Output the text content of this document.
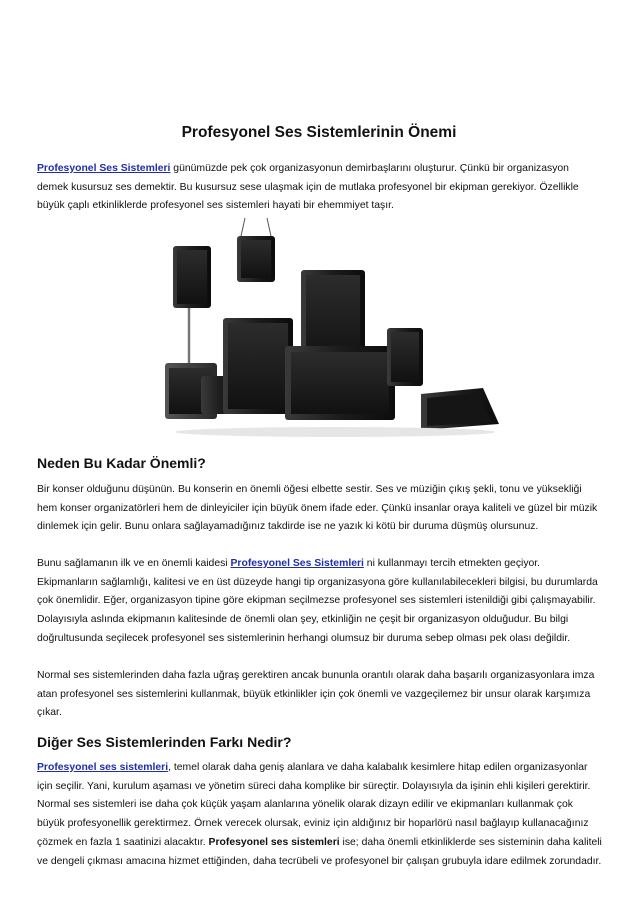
Profesyonel Ses Sistemlerinin Önemi

Profesyonel Ses Sistemleri günümüzde pek çok organizasyonun demirbaşlarını oluşturur. Çünkü bir organizasyon demek kusursuz ses demektir. Bu kusursuz sese ulaşmak için de mutlaka profesyonel bir ekipman gerekiyor. Özellikle büyük çaplı etkinliklerde profesyonel ses sistemleri hayati bir ehemmiyet taşır.

Neden Bu Kadar Önemli?

Bir konser olduğunu düşünün. Bu konserin en önemli öğesi elbette sestir. Ses ve müziğin çıkış şekli, tonu ve yüksekliği hem konser organizatörleri hem de dinleyiciler için büyük önem ifade eder. Çünkü insanlar oraya kaliteli ve güzel bir müzik dinlemek için gelir. Bunu onlara sağlayamadığınız takdirde ise ne yazık ki kötü bir duruma düşmüş olursunuz.

Bunu sağlamanın ilk ve en önemli kaidesi Profesyonel Ses Sistemleri ni kullanmayı tercih etmekten geçiyor. Ekipmanların sağlamlığı, kalitesi ve en üst düzeyde hangi tip organizasyona göre kullanılabilecekleri bilgisi, bu durumlarda çok önemlidir. Eğer, organizasyon tipine göre ekipman seçilmezse profesyonel ses sistemleri istenildiği gibi çalışmayabilir. Dolayısıyla aslında ekipmanın kalitesinde de önemli olan şey, etkinliğin ne çeşit bir organizasyon olduğudur. Bu bilgi doğrultusunda seçilecek profesyonel ses sistemlerinin herhangi olumsuz bir duruma sebep olması pek olası değildir.

Normal ses sistemlerinden daha fazla uğraş gerektiren ancak bununla orantılı olarak daha başarılı organizasyonlara imza atan profesyonel ses sistemlerini kullanmak, büyük etkinlikler için çok önemli ve vazgeçilemez bir unsur olarak karşımıza çıkar.

Diğer Ses Sistemlerinden Farkı Nedir?

Profesyonel ses sistemleri, temel olarak daha geniş alanlara ve daha kalabalık kesimlere hitap edilen organizasyonlar için seçilir. Yani, kurulum aşaması ve yönetim süreci daha komplike bir süreçtir. Dolayısıyla da işinin ehli kişileri gerektirir. Normal ses sistemleri ise daha çok küçük yaşam alanlarına yönelik olarak dizayn edilir ve ekipmanları kullanmak çok büyük profesyonellik gerektirmez. Örnek verecek olursak, eviniz için aldığınız bir hoparlörü nasıl bağlayıp kullanacağınız çözmek en fazla 1 saatinizi alacaktır. Profesyonel ses sistemleri ise; daha önemli etkinliklerde ses sisteminin daha kaliteli ve dengeli çıkması amacına hizmet ettiğinden, daha tecrübeli ve profesyonel bir çalışan grubuyla idare edilmek zorundadır.
